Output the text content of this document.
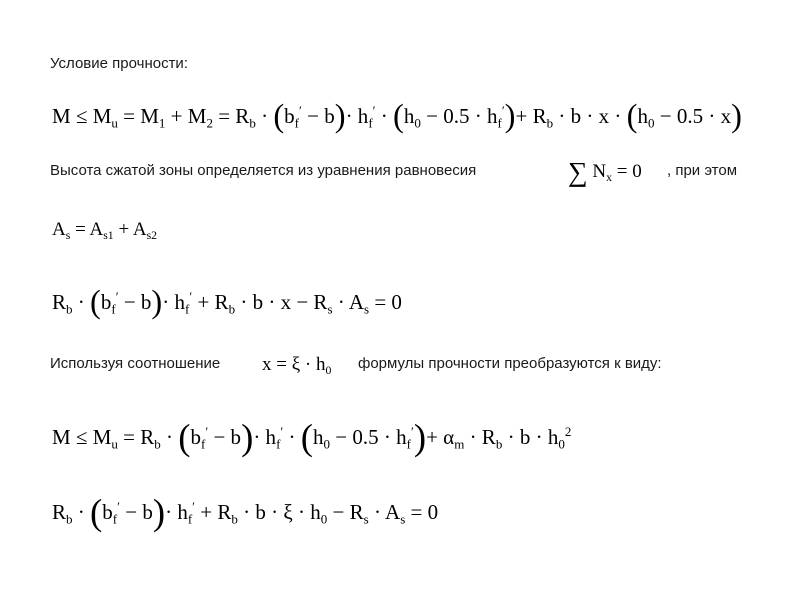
Условие прочности:
Высота сжатой зоны определяется из уравнения равновесия	, при этом
Используя соотношение	формулы прочности преобразуются к виду:
$M \le M_u = M_1 + M_2 = R_b \cdot (b_f' - b)\cdot h_f' \cdot (h_0 - 0.5 \cdot h_f')+ R_b \cdot b \cdot x \cdot (h_0 - 0.5 \cdot x)$
∑ $N_x = 0$
$A_s = A_{s1} + A_{s2}$
$R_b \cdot (b_f' - b)\cdot h_f' + R_b \cdot b \cdot x - R_s \cdot A_s = 0$
$x = \xi \cdot h_0$
$M \le M_u = R_b \cdot (b_f' - b)\cdot h_f' \cdot (h_0 - 0.5 \cdot h_f')+ \alpha_m \cdot R_b \cdot b \cdot h_0^2$
$R_b \cdot (b_f' - b)\cdot h_f' + R_b \cdot b \cdot \xi \cdot h_0 - R_s \cdot A_s = 0$
